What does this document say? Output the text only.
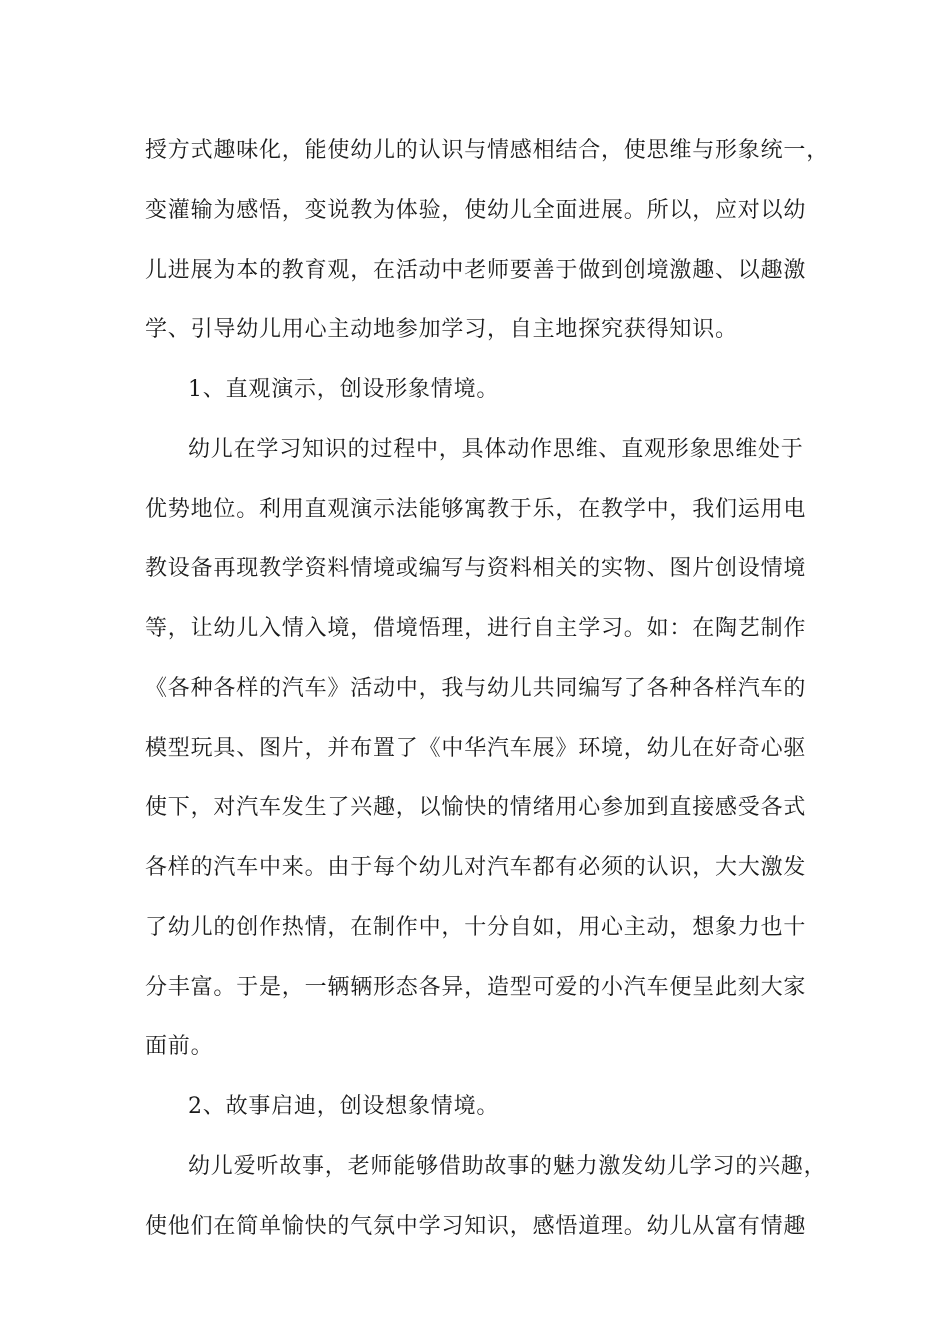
授方式趣味化，能使幼儿的认识与情感相结合，使思维与形象统一，
变灌输为感悟，变说教为体验，使幼儿全面进展。所以，应对以幼
儿进展为本的教育观，在活动中老师要善于做到创境激趣、以趣激
学、引导幼儿用心主动地参加学习，自主地探究获得知识。
1、直观演示，创设形象情境。
幼儿在学习知识的过程中，具体动作思维、直观形象思维处于
优势地位。利用直观演示法能够寓教于乐，在教学中，我们运用电
教设备再现教学资料情境或编写与资料相关的实物、图片创设情境
等，让幼儿入情入境，借境悟理，进行自主学习。如：在陶艺制作
《各种各样的汽车》活动中，我与幼儿共同编写了各种各样汽车的
模型玩具、图片，并布置了《中华汽车展》环境，幼儿在好奇心驱
使下，对汽车发生了兴趣，以愉快的情绪用心参加到直接感受各式
各样的汽车中来。由于每个幼儿对汽车都有必须的认识，大大激发
了幼儿的创作热情，在制作中，十分自如，用心主动，想象力也十
分丰富。于是，一辆辆形态各异，造型可爱的小汽车便呈此刻大家
面前。
2、故事启迪，创设想象情境。
幼儿爱听故事，老师能够借助故事的魅力激发幼儿学习的兴趣，
使他们在简单愉快的气氛中学习知识，感悟道理。幼儿从富有情趣
